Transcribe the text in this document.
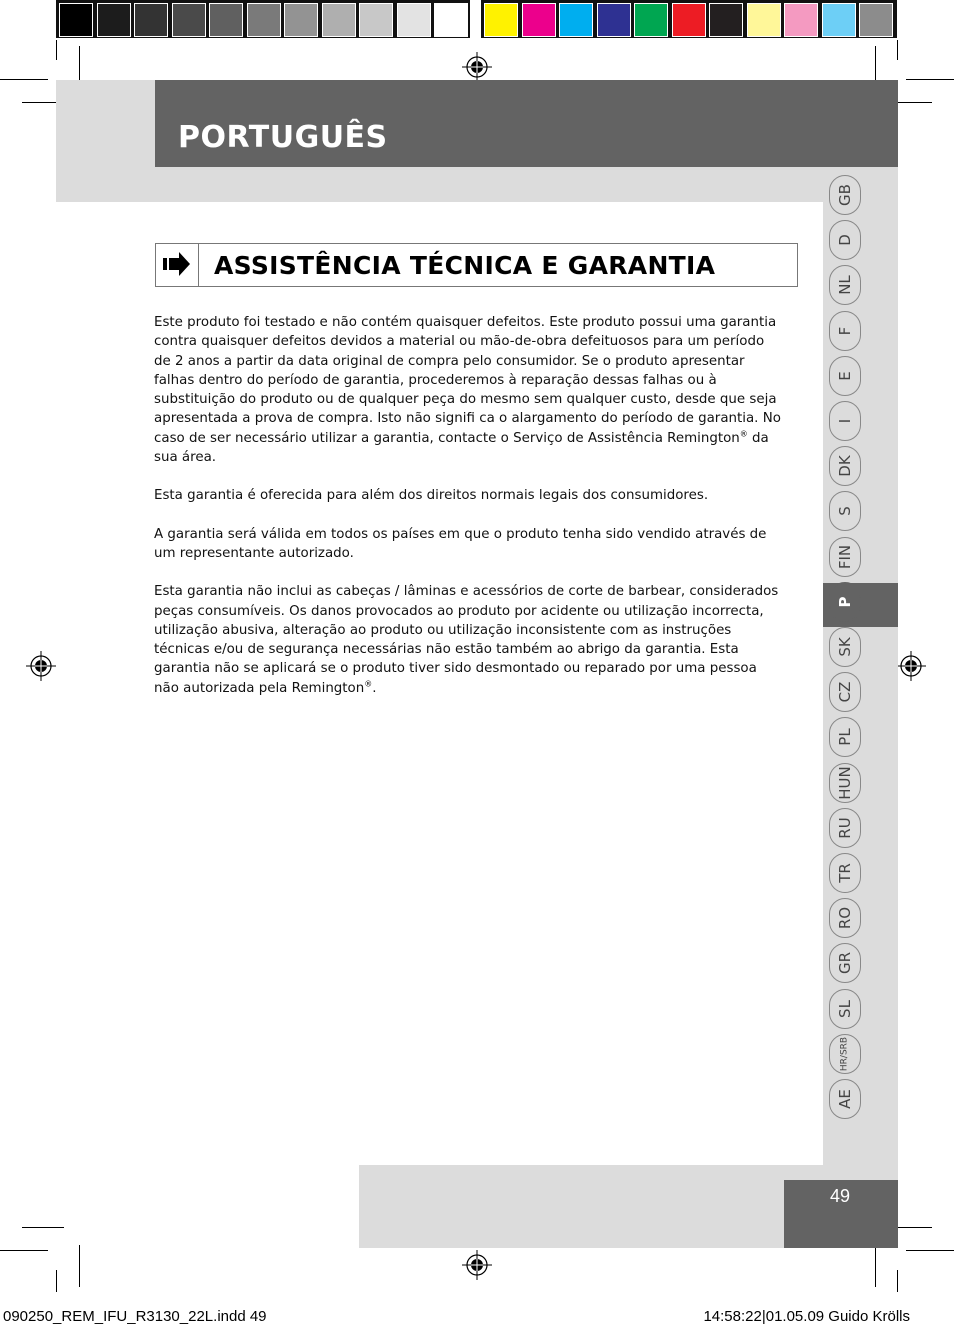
PORTUGUÊS
GB
D
NL
F
E
I
DK
S
FIN
P
SK
CZ
PL
HUN
RU
TR
RO
GR
SL
HR/SRB
AE
ASSISTÊNCIA TÉCNICA E GARANTIA

Este produto foi testado e não contém quaisquer defeitos. Este produto possui uma garantia contra quaisquer defeitos devidos a material ou mão-de-obra defeituosos para um período de 2 anos a partir da data original de compra pelo consumidor. Se o produto apresentar falhas dentro do período de garantia, procederemos à reparação dessas falhas ou à substituição do produto ou de qualquer peça do mesmo sem qualquer custo, desde que seja apresentada a prova de compra. Isto não signifi ca o alargamento do período de garantia. No caso de ser necessário utilizar a garantia, contacte o Serviço de Assistência Remington® da sua área.

Esta garantia é oferecida para além dos direitos normais legais dos consumidores.

A garantia será válida em todos os países em que o produto tenha sido vendido através de um representante autorizado.

Esta garantia não inclui as cabeças / lâminas e acessórios de corte de barbear, considerados peças consumíveis. Os danos provocados ao produto por acidente ou utilização incorrecta, utilização abusiva, alteração ao produto ou utilização inconsistente com as instruções técnicas e/ou de segurança necessárias não estão também ao abrigo da garantia. Esta garantia não se aplicará se o produto tiver sido desmontado ou reparado por uma pessoa não autorizada pela Remington®.

49
090250_REM_IFU_R3130_22L.indd 49	14:58:22|01.05.09 Guido Krölls
